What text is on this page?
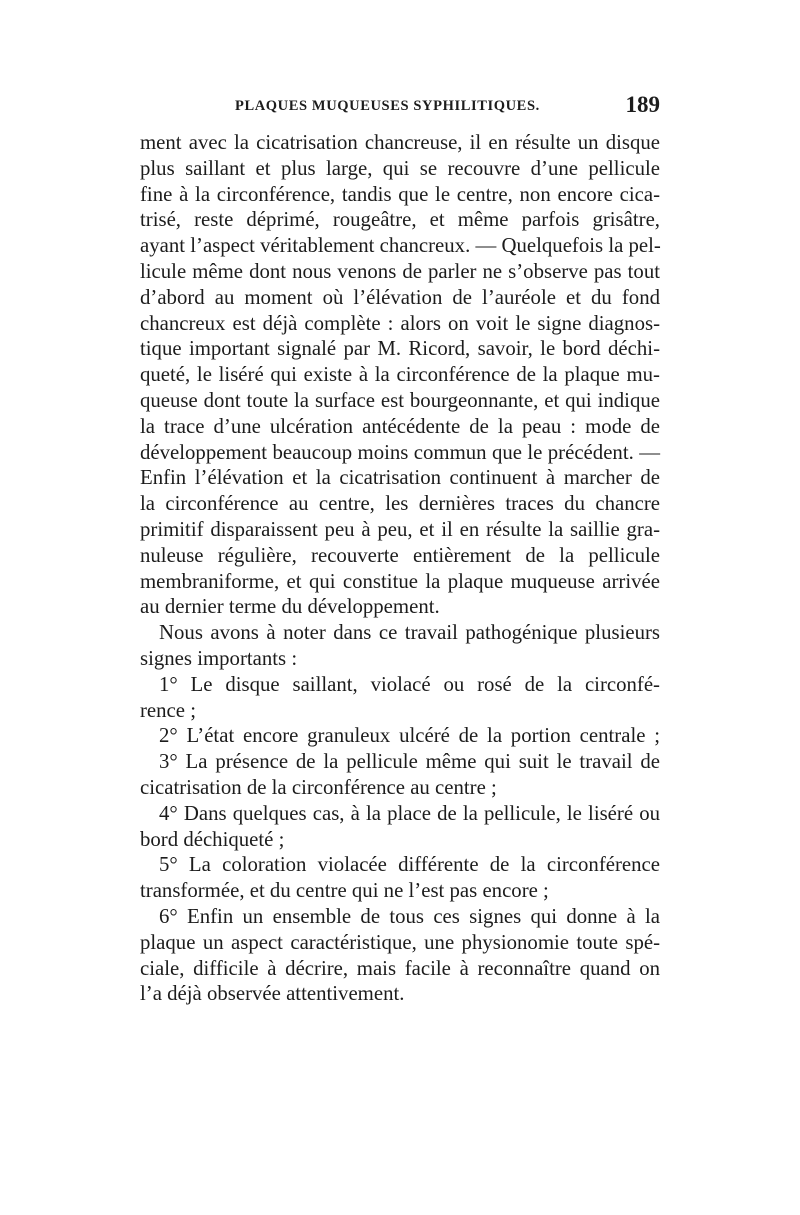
PLAQUES MUQUEUSES SYPHILITIQUES.	189
ment avec la cicatrisation chancreuse, il en résulte un disque
plus saillant et plus large, qui se recouvre d’une pellicule
fine à la circonférence, tandis que le centre, non encore cica-
trisé, reste déprimé, rougeâtre, et même parfois grisâtre,
ayant l’aspect véritablement chancreux. — Quelquefois la pel-
licule même dont nous venons de parler ne s’observe pas tout
d’abord au moment où l’élévation de l’auréole et du fond
chancreux est déjà complète : alors on voit le signe diagnos-
tique important signalé par M. Ricord, savoir, le bord déchi-
queté, le liséré qui existe à la circonférence de la plaque mu-
queuse dont toute la surface est bourgeonnante, et qui indique
la trace d’une ulcération antécédente de la peau : mode de
développement beaucoup moins commun que le précédent. —
Enfin l’élévation et la cicatrisation continuent à marcher de
la circonférence au centre, les dernières traces du chancre
primitif disparaissent peu à peu, et il en résulte la saillie gra-
nuleuse régulière, recouverte entièrement de la pellicule
membraniforme, et qui constitue la plaque muqueuse arrivée
au dernier terme du développement.
Nous avons à noter dans ce travail pathogénique plusieurs
signes importants :
1° Le disque saillant, violacé ou rosé de la circonfé-
rence ;
2° L’état encore granuleux ulcéré de la portion centrale ;
3° La présence de la pellicule même qui suit le travail de
cicatrisation de la circonférence au centre ;
4° Dans quelques cas, à la place de la pellicule, le liséré ou
bord déchiqueté ;
5° La coloration violacée différente de la circonférence
transformée, et du centre qui ne l’est pas encore ;
6° Enfin un ensemble de tous ces signes qui donne à la
plaque un aspect caractéristique, une physionomie toute spé-
ciale, difficile à décrire, mais facile à reconnaître quand on
l’a déjà observée attentivement.
